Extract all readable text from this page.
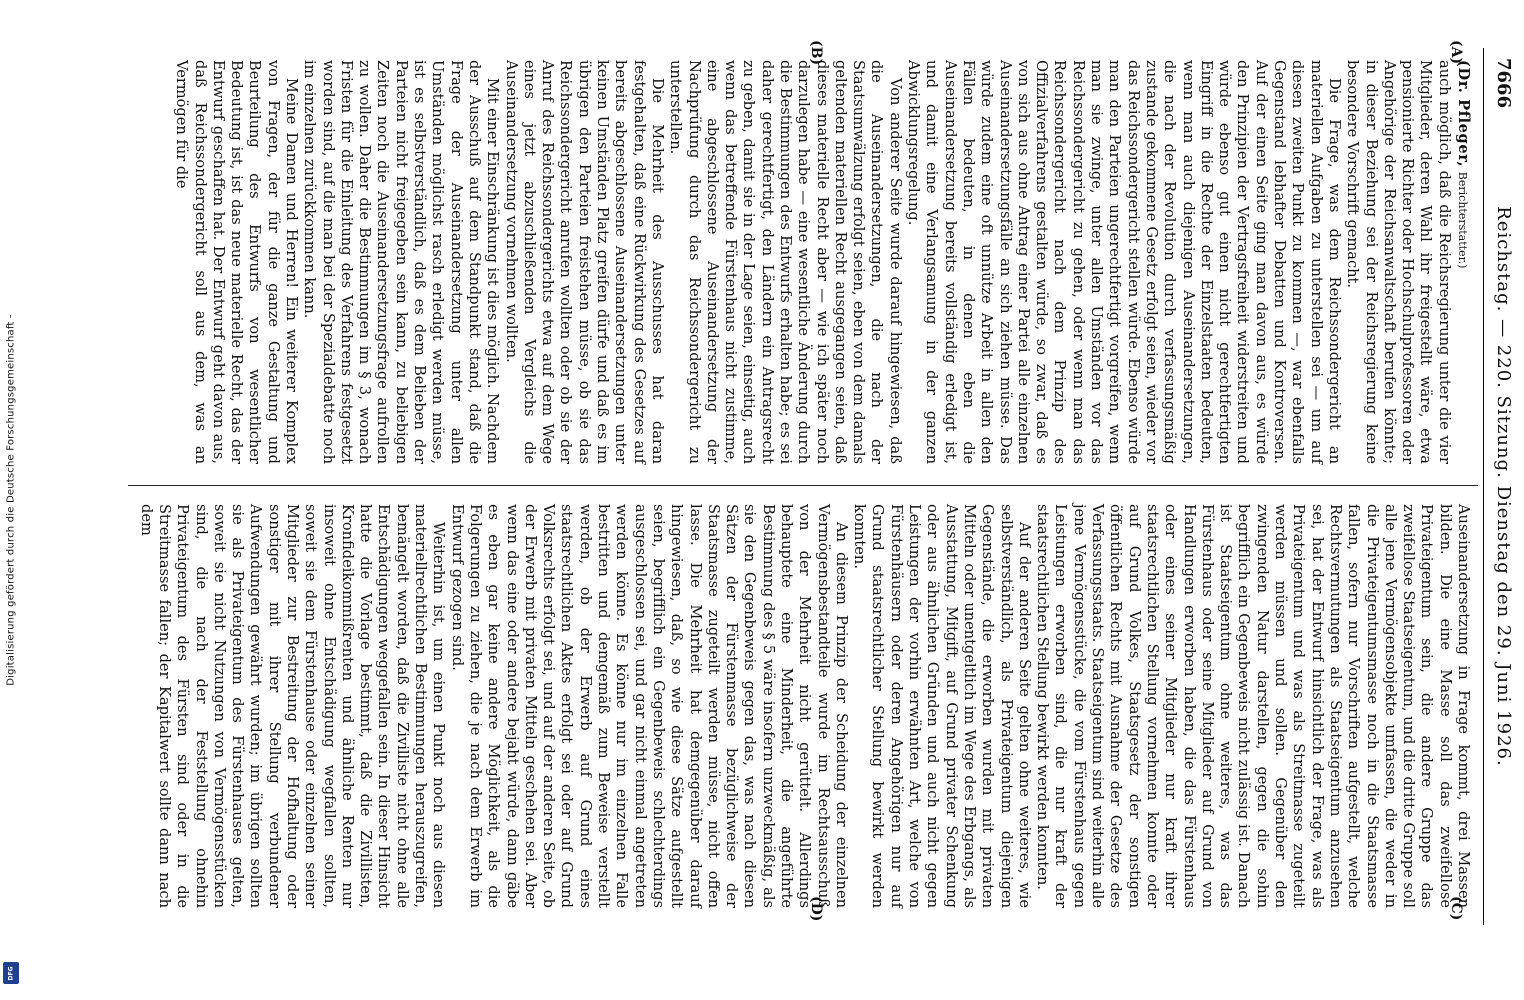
Digitalisierung gefördert durch die Deutsche Forschungsgemeinschaft -
DFG
7666
Reichstag. — 220. Sitzung. Dienstag den 29. Juni 1926.

(Dr. Pfleger, Berichterstatter.)

auch möglich, daß die Reichsregierung unter die vier Mitglieder, deren Wahl ihr freigestellt wäre, etwa pensionierte Richter oder Hochschulprofessoren oder Angehörige der Reichsanwaltschaft berufen könnte; in dieser Beziehung sei der Reichsregierung keine besondere Vorschrift gemacht.

Die Frage, was dem Reichssondergericht an materiellen Aufgaben zu unterstellen sei — um auf diesen zweiten Punkt zu kommen —, war ebenfalls Gegenstand lebhafter Debatten und Kontroversen. Auf der einen Seite ging man davon aus, es würde den Prinzipien der Vertragsfreiheit widerstreiten und würde ebenso gut einen nicht gerechtfertigten Eingriff in die Rechte der Einzelstaaten bedeuten, wenn man auch diejenigen Auseinandersetzungen, die nach der Revolution durch verfassungsmäßig zustande gekommene Gesetz erfolgt seien, wieder vor das Reichssondergericht stellen würde. Ebenso würde man den Parteien ungerechtfertigt vorgreifen, wenn man sie zwinge, unter allen Umständen vor das Reichssondergericht zu gehen, oder wenn man das Reichssondergericht nach dem Prinzip des Offizialverfahrens gestalten würde, so zwar, daß es von sich aus ohne Antrag einer Partei alle einzelnen Auseinandersetzungsfälle an sich ziehen müsse. Das würde zudem eine oft unnütze Arbeit in allen den Fällen bedeuten, in denen eben die Auseinandersetzung bereits vollständig erledigt ist, und damit eine Verlangsamung in der ganzen Abwicklungsregelung.

Von anderer Seite wurde darauf hingewiesen, daß die Auseinandersetzungen, die nach der Staatsumwälzung erfolgt seien, eben von dem damals geltenden materiellen Recht ausgegangen seien, daß dieses materielle Recht aber — wie ich später noch darzulegen habe — eine wesentliche Änderung durch die Bestimmungen des Entwurfs erhalten habe; es sei daher gerechtfertigt, den Ländern ein Antragsrecht zu geben, damit sie in der Lage seien, einseitig, auch wenn das betreffende Fürstenhaus nicht zustimme, eine abgeschlossene Auseinandersetzung der Nachprüfung durch das Reichssondergericht zu unterstellen.

Die Mehrheit des Ausschusses hat daran festgehalten, daß eine Rückwirkung des Gesetzes auf bereits abgeschlossene Auseinandersetzungen unter keinen Umständen Platz greifen dürfe und daß es im übrigen den Parteien freistehen müsse, ob sie das Reichssondergericht anrufen wollten oder ob sie der Anruf des Reichssondergerichts etwa auf dem Wege eines jetzt abzuschließenden Vergleichs die Auseinandersetzung vornehmen wollten.

Mit einer Einschränkung ist dies möglich. Nachdem der Ausschuß auf dem Standpunkt stand, daß die Frage der Auseinandersetzung unter allen Umständen möglichst rasch erledigt werden müsse, ist es selbstverständlich, daß es dem Belieben der Parteien nicht freigegeben sein kann, zu beliebigen Zeiten noch die Auseinandersetzungsfrage aufrollen zu wollen. Daher die Bestimmungen im § 3, wonach Fristen für die Einleitung des Verfahrens festgesetzt worden sind, auf die man bei der Spezialdebatte noch im einzelnen zurückkommen kann.

Meine Damen und Herren! Ein weiterer Komplex von Fragen, der für die ganze Gestaltung und Beurteilung des Entwurfs von wesentlicher Bedeutung ist, ist das neue materielle Recht, das der Entwurf geschaffen hat. Der Entwurf geht davon aus, daß Reichssondergericht soll aus dem, was an Vermögen für die

Auseinandersetzung in Frage kommt, drei Massen bilden. Die eine Masse soll das zweifellose Privateigentum sein, die andere Gruppe das zweifellose Staatseigentum, und die dritte Gruppe soll alle jene Vermögensobjekte umfassen, die weder in die Privateigentumsmasse noch in die Staatsmasse fallen, sofern nur Vorschriften aufgestellt, welche Rechtsvermutungen als Staatseigentum anzusehen sei, hat der Entwurf hinsichtlich der Frage, was als Privateigentum und was als Streitmasse zugeteilt werden müssen und sollen. Gegenüber den zwingenden Natur darstellen, gegen die sohin begrifflich ein Gegenbeweis nicht zulässig ist. Danach ist Staatseigentum ohne weiteres, was das Fürstenhaus oder seine Mitglieder auf Grund von Handlungen erworben haben, die das Fürstenhaus oder eines seiner Mitglieder nur kraft ihrer staatsrechtlichen Stellung vornehmen konnte oder auf Grund Volkes, Staatsgesetz der sonstigen öffentlichen Rechts mit Ausnahme der Gesetze des Verfassungsstaats. Staatseigentum sind weiterhin alle jene Vermögensstücke, die vom Fürstenhaus gegen Leistungen erworben sind, die nur kraft der staatsrechtlichen Stellung bewirkt werden konnten.

Auf der anderen Seite gelten ohne weiteres, wie selbstverständlich, als Privateigentum diejenigen Gegenstände, die erworben wurden mit privaten Mitteln oder unentgeltlich im Wege des Erbgangs, als Ausstattung, Mitgift, auf Grund privater Schenkung oder aus ähnlichen Gründen und auch nicht gegen Leistungen der vorhin erwähnten Art, welche von Fürstenhäusern oder deren Angehörigen nur auf Grund staatsrechtlicher Stellung bewirkt werden konnten.

An diesem Prinzip der Scheidung der einzelnen Vermögensbestandteile wurde im Rechtsausschuß von der Mehrheit nicht gerüttelt. Allerdings behauptete eine Minderheit, die angeführte Bestimmung des § 5 wäre insofern unzweckmäßig, als sie den Gegenbeweis gegen das, was nach diesen Sätzen der Fürstenmasse bezüglichweise der Staatsmasse zugeteilt werden müsse, nicht offen lasse. Die Mehrheit hat demgegenüber darauf hingewiesen, daß, so wie diese Sätze aufgestellt seien, begrifflich ein Gegenbeweis schlechterdings ausgeschlossen sei, und gar nicht einmal angetreten werden könne. Es könne nur im einzelnen Falle bestritten und demgemäß zum Beweise verstellt werden, ob der Erwerb auf Grund eines staatsrechtlichen Aktes erfolgt sei oder auf Grund Volksrechts erfolgt sei, und auf der anderen Seite, ob der Erwerb mit privaten Mitteln geschehen sei. Aber wenn das eine oder andere bejaht würde, dann gäbe es eben gar keine andere Möglichkeit, als die Folgerungen zu ziehen, die je nach dem Erwerb im Entwurf gezogen sind.

Weiterhin ist, um einen Punkt noch aus diesen materiellrechtlichen Bestimmungen herauszugreifen, bemängelt worden, daß die Zivilliste nicht ohne alle Entschädigungen weggefallen sein. In dieser Hinsicht hatte die Vorlage bestimmt, daß die Zivillisten, Kronfideikommißrenten und ähnliche Renten nur insoweit ohne Entschädigung wegfallen sollten, soweit sie dem Fürstenhause oder einzelnen seiner Mitglieder zur Bestreitung der Hofhaltung oder sonstiger mit ihrer Stellung verbundener Aufwendungen gewährt wurden; im übrigen sollten sie als Privateigentum des Fürstenhauses gelten, soweit sie nicht Nutzungen von Vermögensstücken sind, die nach der Feststellung ohnehin Privateigentum des Fürsten sind oder in die Streitmasse fallen; der Kapitalwert sollte dann nach dem

(A)
(B)
(C)
(D)
